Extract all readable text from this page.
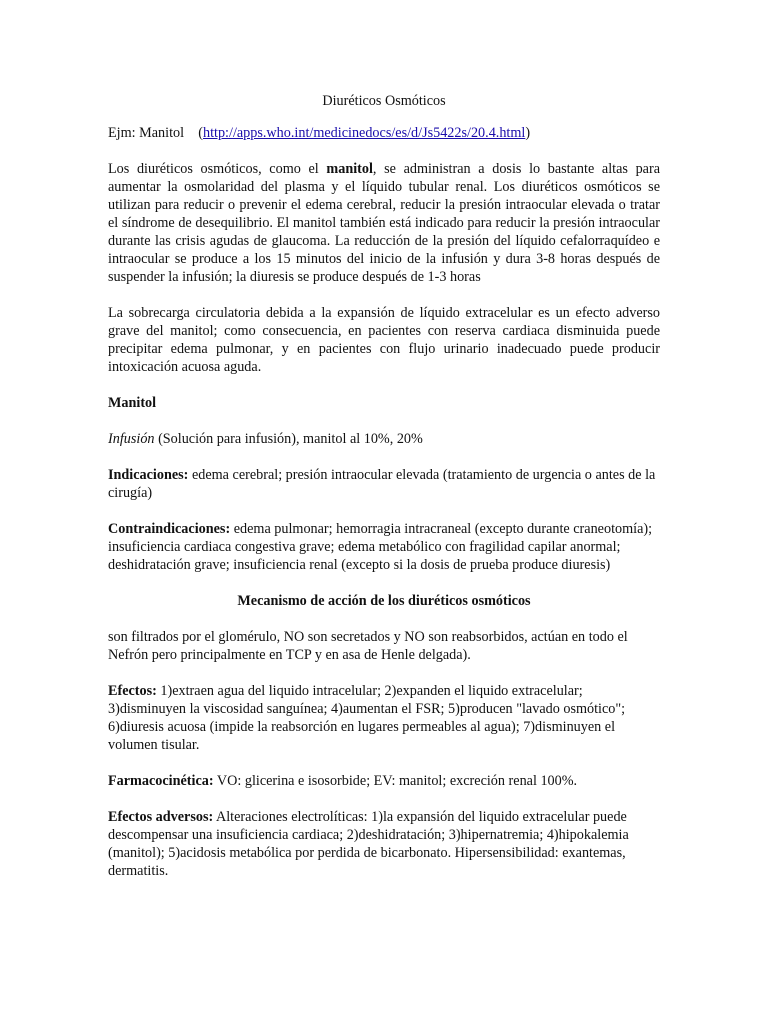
Diuréticos Osmóticos

Ejm: Manitol (http://apps.who.int/medicinedocs/es/d/Js5422s/20.4.html)

Los diuréticos osmóticos, como el manitol, se administran a dosis lo bastante altas para aumentar la osmolaridad del plasma y el líquido tubular renal. Los diuréticos osmóticos se utilizan para reducir o prevenir el edema cerebral, reducir la presión intraocular elevada o tratar el síndrome de desequilibrio. El manitol también está indicado para reducir la presión intraocular durante las crisis agudas de glaucoma. La reducción de la presión del líquido cefalorraquídeo e intraocular se produce a los 15 minutos del inicio de la infusión y dura 3-8 horas después de suspender la infusión; la diuresis se produce después de 1-3 horas

La sobrecarga circulatoria debida a la expansión de líquido extracelular es un efecto adverso grave del manitol; como consecuencia, en pacientes con reserva cardiaca disminuida puede precipitar edema pulmonar, y en pacientes con flujo urinario inadecuado puede producir intoxicación acuosa aguda.

Manitol

Infusión (Solución para infusión), manitol al 10%, 20%

Indicaciones: edema cerebral; presión intraocular elevada (tratamiento de urgencia o antes de la cirugía)

Contraindicaciones: edema pulmonar; hemorragia intracraneal (excepto durante craneotomía); insuficiencia cardiaca congestiva grave; edema metabólico con fragilidad capilar anormal; deshidratación grave; insuficiencia renal (excepto si la dosis de prueba produce diuresis)

Mecanismo de acción de los diuréticos osmóticos

son filtrados por el glomérulo, NO son secretados y NO son reabsorbidos, actúan en todo el Nefrón pero principalmente en TCP y en asa de Henle delgada).

Efectos: 1)extraen agua del liquido intracelular; 2)expanden el liquido extracelular; 3)disminuyen la viscosidad sanguínea; 4)aumentan el FSR; 5)producen "lavado osmótico"; 6)diuresis acuosa (impide la reabsorción en lugares permeables al agua); 7)disminuyen el volumen tisular.

Farmacocinética: VO: glicerina e isosorbide; EV: manitol; excreción renal 100%.

Efectos adversos: Alteraciones electrolíticas: 1)la expansión del liquido extracelular puede descompensar una insuficiencia cardiaca; 2)deshidratación; 3)hipernatremia; 4)hipokalemia (manitol); 5)acidosis metabólica por perdida de bicarbonato. Hipersensibilidad: exantemas, dermatitis.
